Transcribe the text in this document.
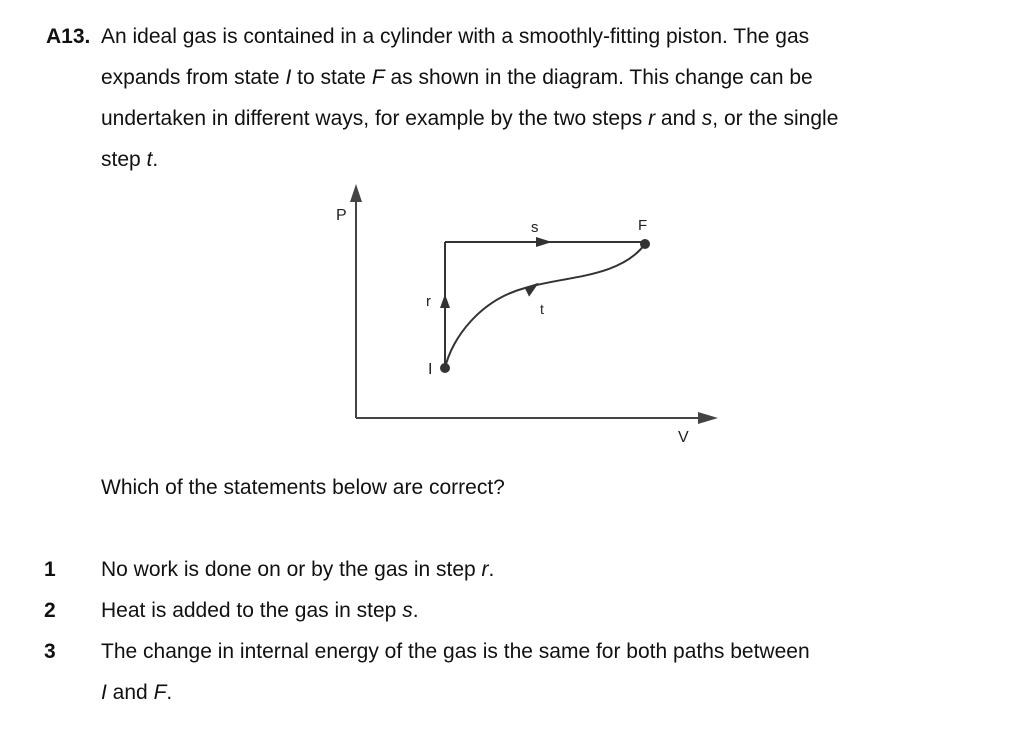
A13. An ideal gas is contained in a cylinder with a smoothly-fitting piston. The gas
expands from state I to state F as shown in the diagram. This change can be
undertaken in different ways, for example by the two steps r and s, or the single
step t.
P
V
I
F
r
s
t
Which of the statements below are correct?
1 No work is done on or by the gas in step r.
2 Heat is added to the gas in step s.
3 The change in internal energy of the gas is the same for both paths between
I and F.
